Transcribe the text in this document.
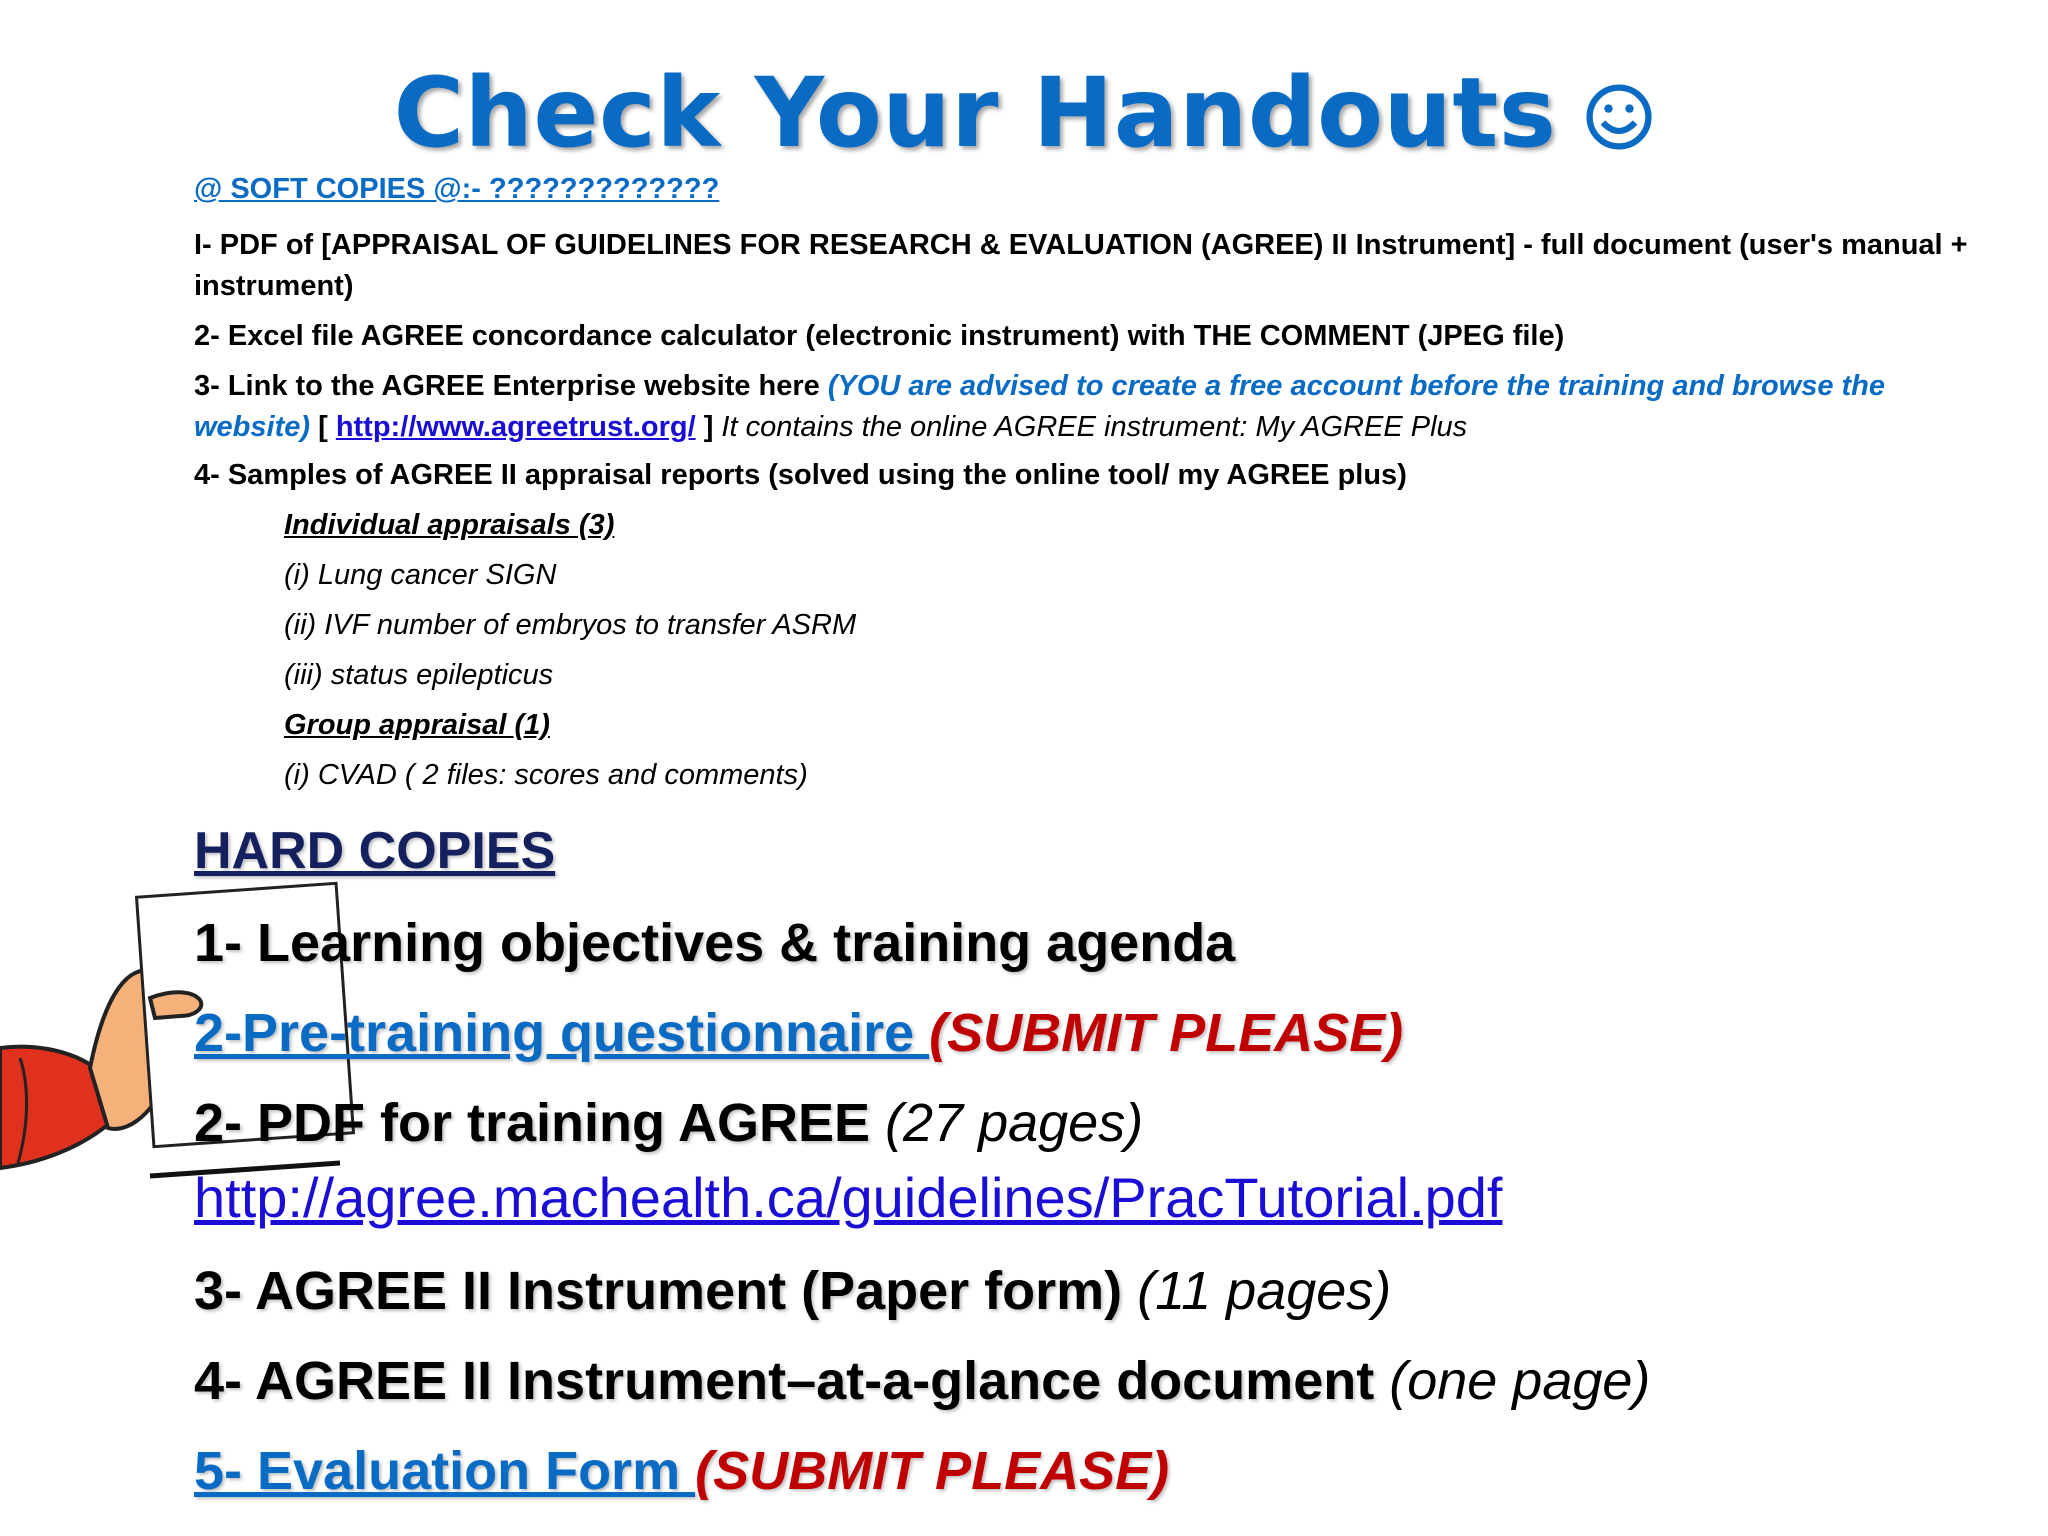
Check Your Handouts
@ SOFT COPIES @:- ?????????????
I- PDF of [APPRAISAL OF GUIDELINES FOR RESEARCH & EVALUATION (AGREE) II Instrument] - full document (user's manual + instrument)
2- Excel file AGREE concordance calculator (electronic instrument) with THE COMMENT (JPEG file)
3- Link to the AGREE Enterprise website here (YOU are advised to create a free account before the training and browse the website) [ http://www.agreetrust.org/ ] It contains the online AGREE instrument: My AGREE Plus
4- Samples of AGREE II appraisal reports (solved using the online tool/ my AGREE plus)
Individual appraisals (3)
(i) Lung cancer SIGN
(ii) IVF number of embryos to transfer ASRM
(iii) status epilepticus
Group appraisal (1)
(i) CVAD ( 2 files: scores and comments)
HARD COPIES
1- Learning objectives & training agenda
2-Pre-training questionnaire (SUBMIT PLEASE)
2- PDF for training AGREE (27 pages)
http://agree.machealth.ca/guidelines/PracTutorial.pdf
3- AGREE II Instrument (Paper form) (11 pages)
4- AGREE II Instrument–at-a-glance document (one page)
5- Evaluation Form (SUBMIT PLEASE)
